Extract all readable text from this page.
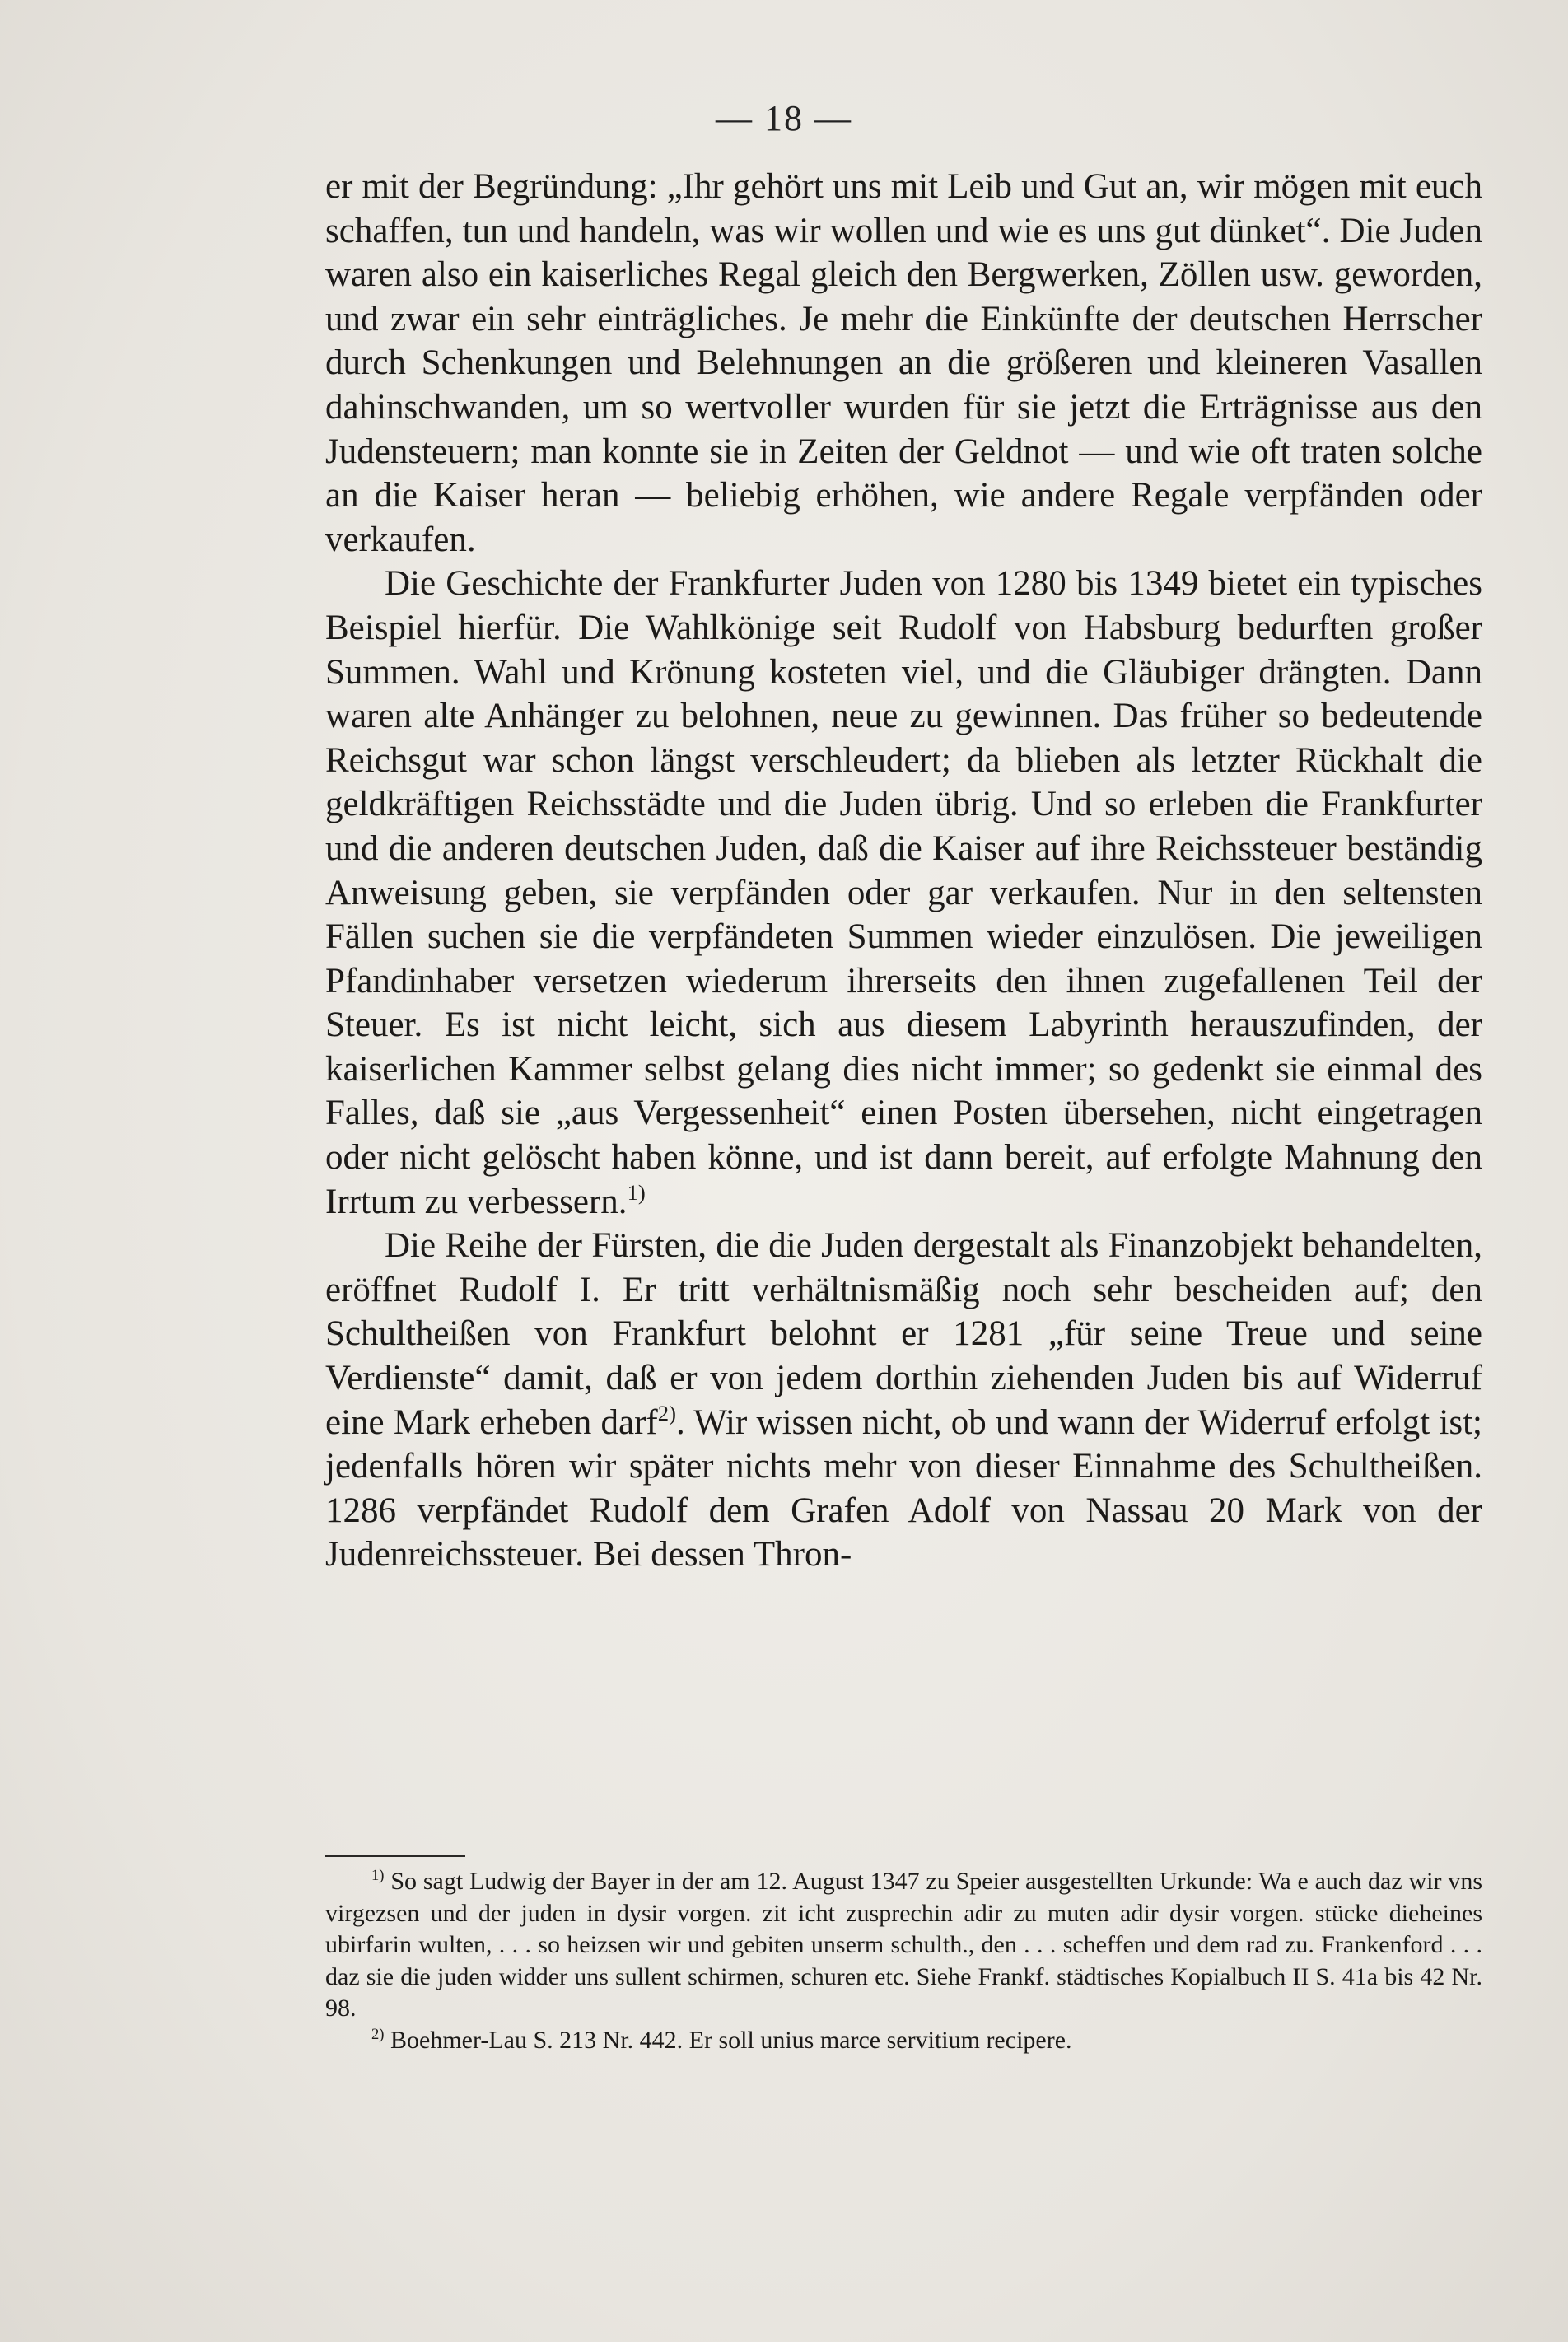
— 18 —

er mit der Begründung: „Ihr gehört uns mit Leib und Gut an, wir mögen mit euch schaffen, tun und handeln, was wir wollen und wie es uns gut dünket“. Die Juden waren also ein kaiserliches Regal gleich den Bergwerken, Zöllen usw. geworden, und zwar ein sehr einträgliches. Je mehr die Einkünfte der deutschen Herrscher durch Schenkungen und Belehnungen an die größeren und kleineren Vasallen dahinschwanden, um so wertvoller wurden für sie jetzt die Erträgnisse aus den Judensteuern; man konnte sie in Zeiten der Geldnot — und wie oft traten solche an die Kaiser heran — beliebig erhöhen, wie andere Regale verpfänden oder verkaufen.

Die Geschichte der Frankfurter Juden von 1280 bis 1349 bietet ein typisches Beispiel hierfür. Die Wahlkönige seit Rudolf von Habsburg bedurften großer Summen. Wahl und Krönung kosteten viel, und die Gläubiger drängten. Dann waren alte Anhänger zu belohnen, neue zu gewinnen. Das früher so bedeutende Reichsgut war schon längst verschleudert; da blieben als letzter Rückhalt die geldkräftigen Reichsstädte und die Juden übrig. Und so erleben die Frankfurter und die anderen deutschen Juden, daß die Kaiser auf ihre Reichssteuer beständig Anweisung geben, sie verpfänden oder gar verkaufen. Nur in den seltensten Fällen suchen sie die verpfändeten Summen wieder einzulösen. Die jeweiligen Pfandinhaber versetzen wiederum ihrerseits den ihnen zugefallenen Teil der Steuer. Es ist nicht leicht, sich aus diesem Labyrinth herauszufinden, der kaiserlichen Kammer selbst gelang dies nicht immer; so gedenkt sie einmal des Falles, daß sie „aus Vergessenheit“ einen Posten übersehen, nicht eingetragen oder nicht gelöscht haben könne, und ist dann bereit, auf erfolgte Mahnung den Irrtum zu verbessern.$^{1)}$

Die Reihe der Fürsten, die die Juden dergestalt als Finanzobjekt behandelten, eröffnet Rudolf I. Er tritt verhältnismäßig noch sehr bescheiden auf; den Schultheißen von Frankfurt belohnt er 1281 „für seine Treue und seine Verdienste“ damit, daß er von jedem dorthin ziehenden Juden bis auf Widerruf eine Mark erheben darf$^{2)}$. Wir wissen nicht, ob und wann der Widerruf erfolgt ist; jedenfalls hören wir später nichts mehr von dieser Einnahme des Schultheißen. 1286 verpfändet Rudolf dem Grafen Adolf von Nassau 20 Mark von der Judenreichssteuer. Bei dessen Thron-

$^{1)}$ So sagt Ludwig der Bayer in der am 12. August 1347 zu Speier ausgestellten Urkunde: Wa e auch daz wir vns virgezsen und der juden in dysir vorgen. zit icht zusprechin adir zu muten adir dysir vorgen. stücke dieheines ubirfarin wulten, . . . so heizsen wir und gebiten unserm schulth., den . . . scheffen und dem rad zu. Frankenford . . . daz sie die juden widder uns sullent schirmen, schuren etc. Siehe Frankf. städtisches Kopialbuch II S. 41a bis 42 Nr. 98.

$^{2)}$ Boehmer-Lau S. 213 Nr. 442. Er soll unius marce servitium recipere.
